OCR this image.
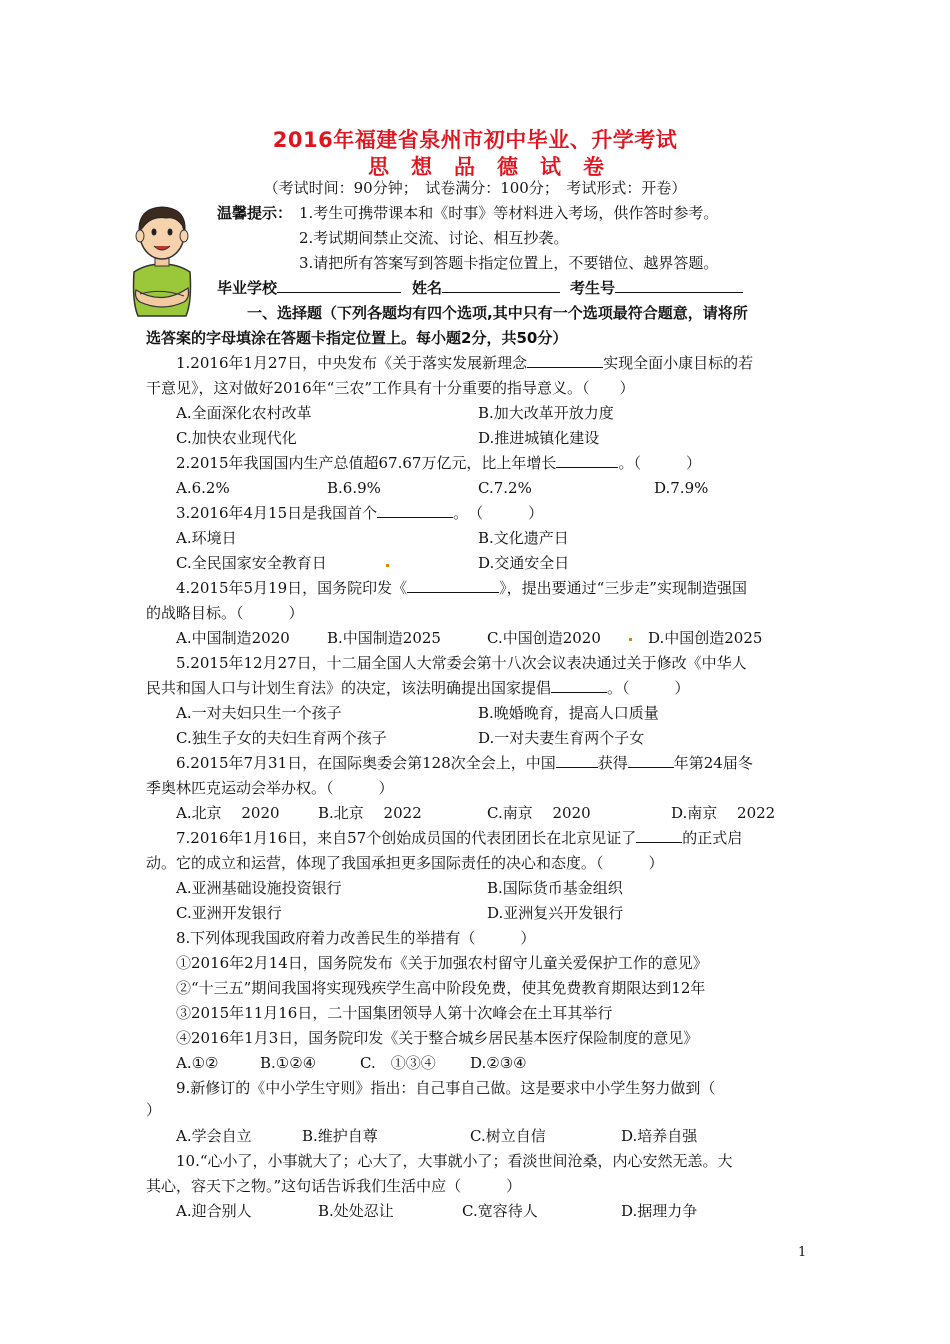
2016年福建省泉州市初中毕业、升学考试
思想品德试卷
（考试时间：90分钟；　试卷满分：100分；　考试形式：开卷）
温馨提示： 1.考生可携带课本和《时事》等材料进入考场，供作答时参考。
2.考试期间禁止交流、讨论、相互抄袭。
3.请把所有答案写到答题卡指定位置上，不要错位、越界答题。
毕业学校	姓名	考生号
一、选择题（下列各题均有四个选项,其中只有一个选项最符合题意，请将所
选答案的字母填涂在答题卡指定位置上。每小题2分，共50分）
1.2016年1月27日，中央发布《关于落实发展新理念	实现全面小康目标的若
干意见》，这对做好2016年“三农”工作具有十分重要的指导意义。（　　）
A.全面深化农村改革	B.加大改革开放力度
C.加快农业现代化	D.推进城镇化建设
2.2015年我国国内生产总值超67.67万亿元，比上年增长	。（　　　）
A.6.2%	B.6.9%	C.7.2%	D.7.9%
3.2016年4月15日是我国首个	。　（　　　）
A.环境日	B.文化遗产日
C.全民国家安全教育日	D.交通安全日
4.2015年5月19日，国务院印发《	》，提出要通过“三步走”实现制造强国
的战略目标。（　　　）
A.中国制造2020 B.中国制造2025	C.中国创造2020	D.中国创造2025
5.2015年12月27日，十二届全国人大常委会第十八次会议表决通过关于修改《中华人
民共和国人口与计划生育法》的决定，该法明确提出国家提倡	。（　　　）
A.一对夫妇只生一个孩子	B.晚婚晚育，提高人口质量
C.独生子女的夫妇生育两个孩子	D.一对夫妻生育两个子女
6.2015年7月31日，在国际奥委会第128次全会上，中国	获得	年第24届冬
季奥林匹克运动会举办权。（　　　）
A.北京　 2020	B.北京　 2022	C.南京　 2020	D.南京　 2022
7.2016年1月16日，来自57个创始成员国的代表团团长在北京见证了	的正式启
动。它的成立和运营，体现了我国承担更多国际责任的决心和态度。（　　　）
A.亚洲基础设施投资银行	B.国际货币基金组织
C.亚洲开发银行	D.亚洲复兴开发银行
8.下列体现我国政府着力改善民生的举措有（　　　）
①2016年2月14日，国务院发布《关于加强农村留守儿童关爱保护工作的意见》
②“十三五”期间我国将实现残疾学生高中阶段免费，使其免费教育期限达到12年
③2015年11月16日，二十国集团领导人第十次峰会在土耳其举行
④2016年1月3日，国务院印发《关于整合城乡居民基本医疗保险制度的意见》
A.①②	B.①②④	C.　①③④ D.②③④
9.新修订的《中小学生守则》指出：自己事自己做。这是要求中小学生努力做到（
）
A.学会自立	B.维护自尊	C.树立自信	D.培养自强
10.“心小了，小事就大了；心大了，大事就小了；看淡世间沧桑，内心安然无恙。大
其心，容天下之物。”这句话告诉我们生活中应（　　　）
A.迎合别人	B.处处忍让	C.宽容待人	D.据理力争
1
